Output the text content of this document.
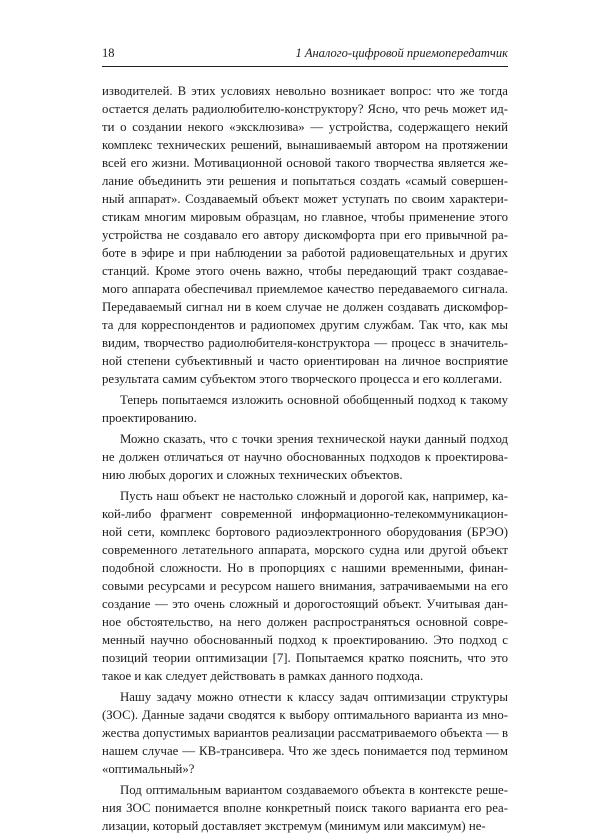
18	1 Аналого-цифровой приемопередатчик
изводителей. В этих условиях невольно возникает вопрос: что же тогда
остается делать радиолюбителю-конструктору? Ясно, что речь может ид-
ти о создании некого «эксклюзива» — устройства, содержащего некий
комплекс технических решений, вынашиваемый автором на протяжении
всей его жизни. Мотивационной основой такого творчества является же-
лание объединить эти решения и попытаться создать «самый совершен-
ный аппарат». Создаваемый объект может уступать по своим характери-
стикам многим мировым образцам, но главное, чтобы применение этого
устройства не создавало его автору дискомфорта при его привычной ра-
боте в эфире и при наблюдении за работой радиовещательных и других
станций. Кроме этого очень важно, чтобы передающий тракт создавае-
мого аппарата обеспечивал приемлемое качество передаваемого сигнала.
Передаваемый сигнал ни в коем случае не должен создавать дискомфор-
та для корреспондентов и радиопомех другим службам. Так что, как мы
видим, творчество радиолюбителя-конструктора — процесс в значитель-
ной степени субъективный и часто ориентирован на личное восприятие
результата самим субъектом этого творческого процесса и его коллегами.
Теперь попытаемся изложить основной обобщенный подход к такому
проектированию.
Можно сказать, что с точки зрения технической науки данный подход
не должен отличаться от научно обоснованных подходов к проектирова-
нию любых дорогих и сложных технических объектов.
Пусть наш объект не настолько сложный и дорогой как, например, ка-
кой-либо фрагмент современной информационно-телекоммуникацион-
ной сети, комплекс бортового радиоэлектронного оборудования (БРЭО)
современного летательного аппарата, морского судна или другой объект
подобной сложности. Но в пропорциях с нашими временными, финан-
совыми ресурсами и ресурсом нашего внимания, затрачиваемыми на его
создание — это очень сложный и дорогостоящий объект. Учитывая дан-
ное обстоятельство, на него должен распространяться основной совре-
менный научно обоснованный подход к проектированию. Это подход с
позиций теории оптимизации [7]. Попытаемся кратко пояснить, что это
такое и как следует действовать в рамках данного подхода.
Нашу задачу можно отнести к классу задач оптимизации структуры
(ЗОС). Данные задачи сводятся к выбору оптимального варианта из мно-
жества допустимых вариантов реализации рассматриваемого объекта — в
нашем случае — КВ-трансивера. Что же здесь понимается под термином
«оптимальный»?
Под оптимальным вариантом создаваемого объекта в контексте реше-
ния ЗОС понимается вполне конкретный поиск такого варианта его реа-
лизации, который доставляет экстремум (минимум или максимум) не-
